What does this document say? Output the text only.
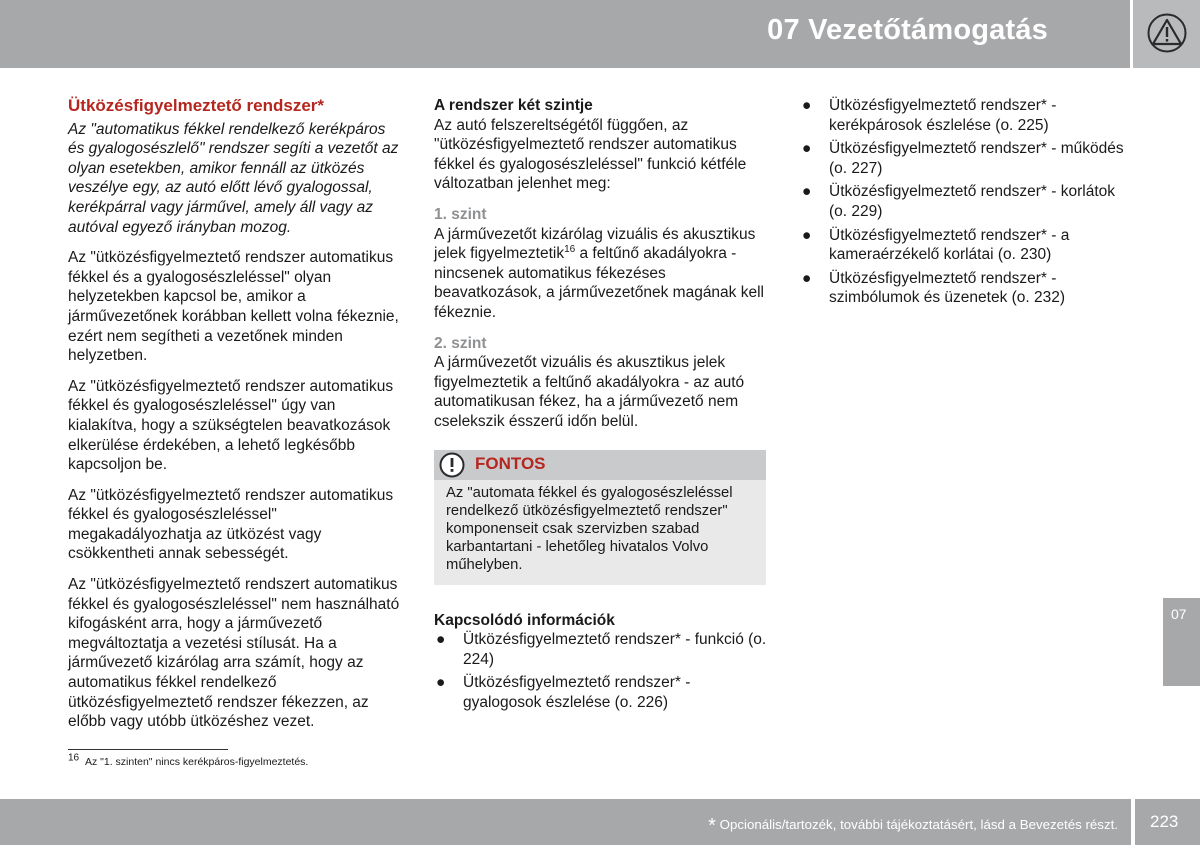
07 Vezetőtámogatás
Ütközésfigyelmeztető rendszer*

Az "automatikus fékkel rendelkező kerékpáros és gyalogosészlelő" rendszer segíti a vezetőt az olyan esetekben, amikor fennáll az ütközés veszélye egy, az autó előtt lévő gyalogossal, kerékpárral vagy járművel, amely áll vagy az autóval egyező irányban mozog.

Az "ütközésfigyelmeztető rendszer automatikus fékkel és a gyalogosészleléssel" olyan helyzetekben kapcsol be, amikor a járművezetőnek korábban kellett volna fékeznie, ezért nem segítheti a vezetőnek minden helyzetben.

Az "ütközésfigyelmeztető rendszer automatikus fékkel és gyalogosészleléssel" úgy van kialakítva, hogy a szükségtelen beavatkozások elkerülése érdekében, a lehető legkésőbb kapcsoljon be.

Az "ütközésfigyelmeztető rendszer automatikus fékkel és gyalogosészleléssel" megakadályozhatja az ütközést vagy csökkentheti annak sebességét.

Az "ütközésfigyelmeztető rendszert automatikus fékkel és gyalogosészleléssel" nem használható kifogásként arra, hogy a járművezető megváltoztatja a vezetési stílusát. Ha a járművezető kizárólag arra számít, hogy az automatikus fékkel rendelkező ütközésfigyelmeztető rendszer fékezzen, az előbb vagy utóbb ütközéshez vezet.

A rendszer két szintje

Az autó felszereltségétől függően, az "ütközésfigyelmeztető rendszer automatikus fékkel és gyalogosészleléssel" funkció kétféle változatban jelenhet meg:

1. szint

A járművezetőt kizárólag vizuális és akusztikus jelek figyelmeztetik$^{16}$ a feltűnő akadályokra - nincsenek automatikus fékezéses beavatkozások, a járművezetőnek magának kell fékeznie.

2. szint

A járművezetőt vizuális és akusztikus jelek figyelmeztetik a feltűnő akadályokra - az autó automatikusan fékez, ha a járművezető nem cselekszik ésszerű időn belül.

FONTOS
Az "automata fékkel és gyalogosészleléssel rendelkező ütközésfigyelmeztető rendszer" komponenseit csak szervizben szabad karbantartani - lehetőleg hivatalos Volvo műhelyben.
Kapcsolódó információk
● Ütközésfigyelmeztető rendszer* - funkció (o. 224)
● Ütközésfigyelmeztető rendszer* - gyalogosok észlelése (o. 226)
● Ütközésfigyelmeztető rendszer* - kerékpárosok észlelése (o. 225)
● Ütközésfigyelmeztető rendszer* - működés (o. 227)
● Ütközésfigyelmeztető rendszer* - korlátok (o. 229)
● Ütközésfigyelmeztető rendszer* - a kameraérzékelő korlátai (o. 230)
● Ütközésfigyelmeztető rendszer* - szimbólumok és üzenetek (o. 232)
07
$^{16}$ Az "1. szinten" nincs kerékpáros-figyelmeztetés.
* Opcionális/tartozék, további tájékoztatásért, lásd a Bevezetés részt. 223
